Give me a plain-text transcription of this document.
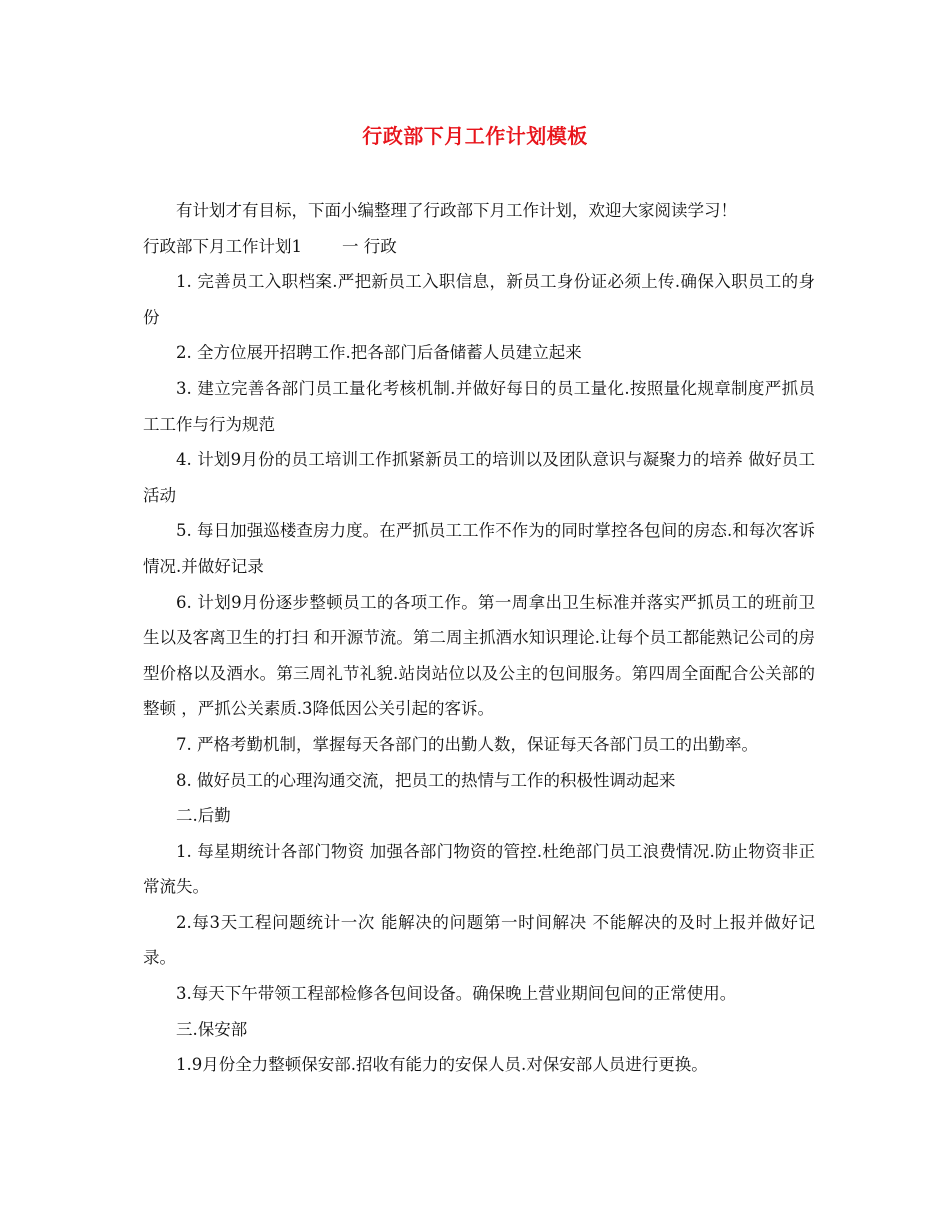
行政部下月工作计划模板

有计划才有目标，下面小编整理了行政部下月工作计划，欢迎大家阅读学习！

行政部下月工作计划1 一 行政

1. 完善员工入职档案.严把新员工入职信息，新员工身份证必须上传.确保入职员工的身份

2. 全方位展开招聘工作.把各部门后备储蓄人员建立起来

3. 建立完善各部门员工量化考核机制.并做好每日的员工量化.按照量化规章制度严抓员工工作与行为规范

4. 计划9月份的员工培训工作抓紧新员工的培训以及团队意识与凝聚力的培养 做好员工活动

5. 每日加强巡楼查房力度。在严抓员工工作不作为的同时掌控各包间的房态.和每次客诉情况.并做好记录

6. 计划9月份逐步整顿员工的各项工作。第一周拿出卫生标准并落实严抓员工的班前卫生以及客离卫生的打扫 和开源节流。第二周主抓酒水知识理论.让每个员工都能熟记公司的房型价格以及酒水。第三周礼节礼貌.站岗站位以及公主的包间服务。第四周全面配合公关部的整顿 ，严抓公关素质.3降低因公关引起的客诉。

7. 严格考勤机制，掌握每天各部门的出勤人数，保证每天各部门员工的出勤率。

8. 做好员工的心理沟通交流，把员工的热情与工作的积极性调动起来

二.后勤

1. 每星期统计各部门物资 加强各部门物资的管控.杜绝部门员工浪费情况.防止物资非正常流失。

2.每3天工程问题统计一次 能解决的问题第一时间解决 不能解决的及时上报并做好记录。

3.每天下午带领工程部检修各包间设备。确保晚上营业期间包间的正常使用。

三.保安部

1.9月份全力整顿保安部.招收有能力的安保人员.对保安部人员进行更换。
